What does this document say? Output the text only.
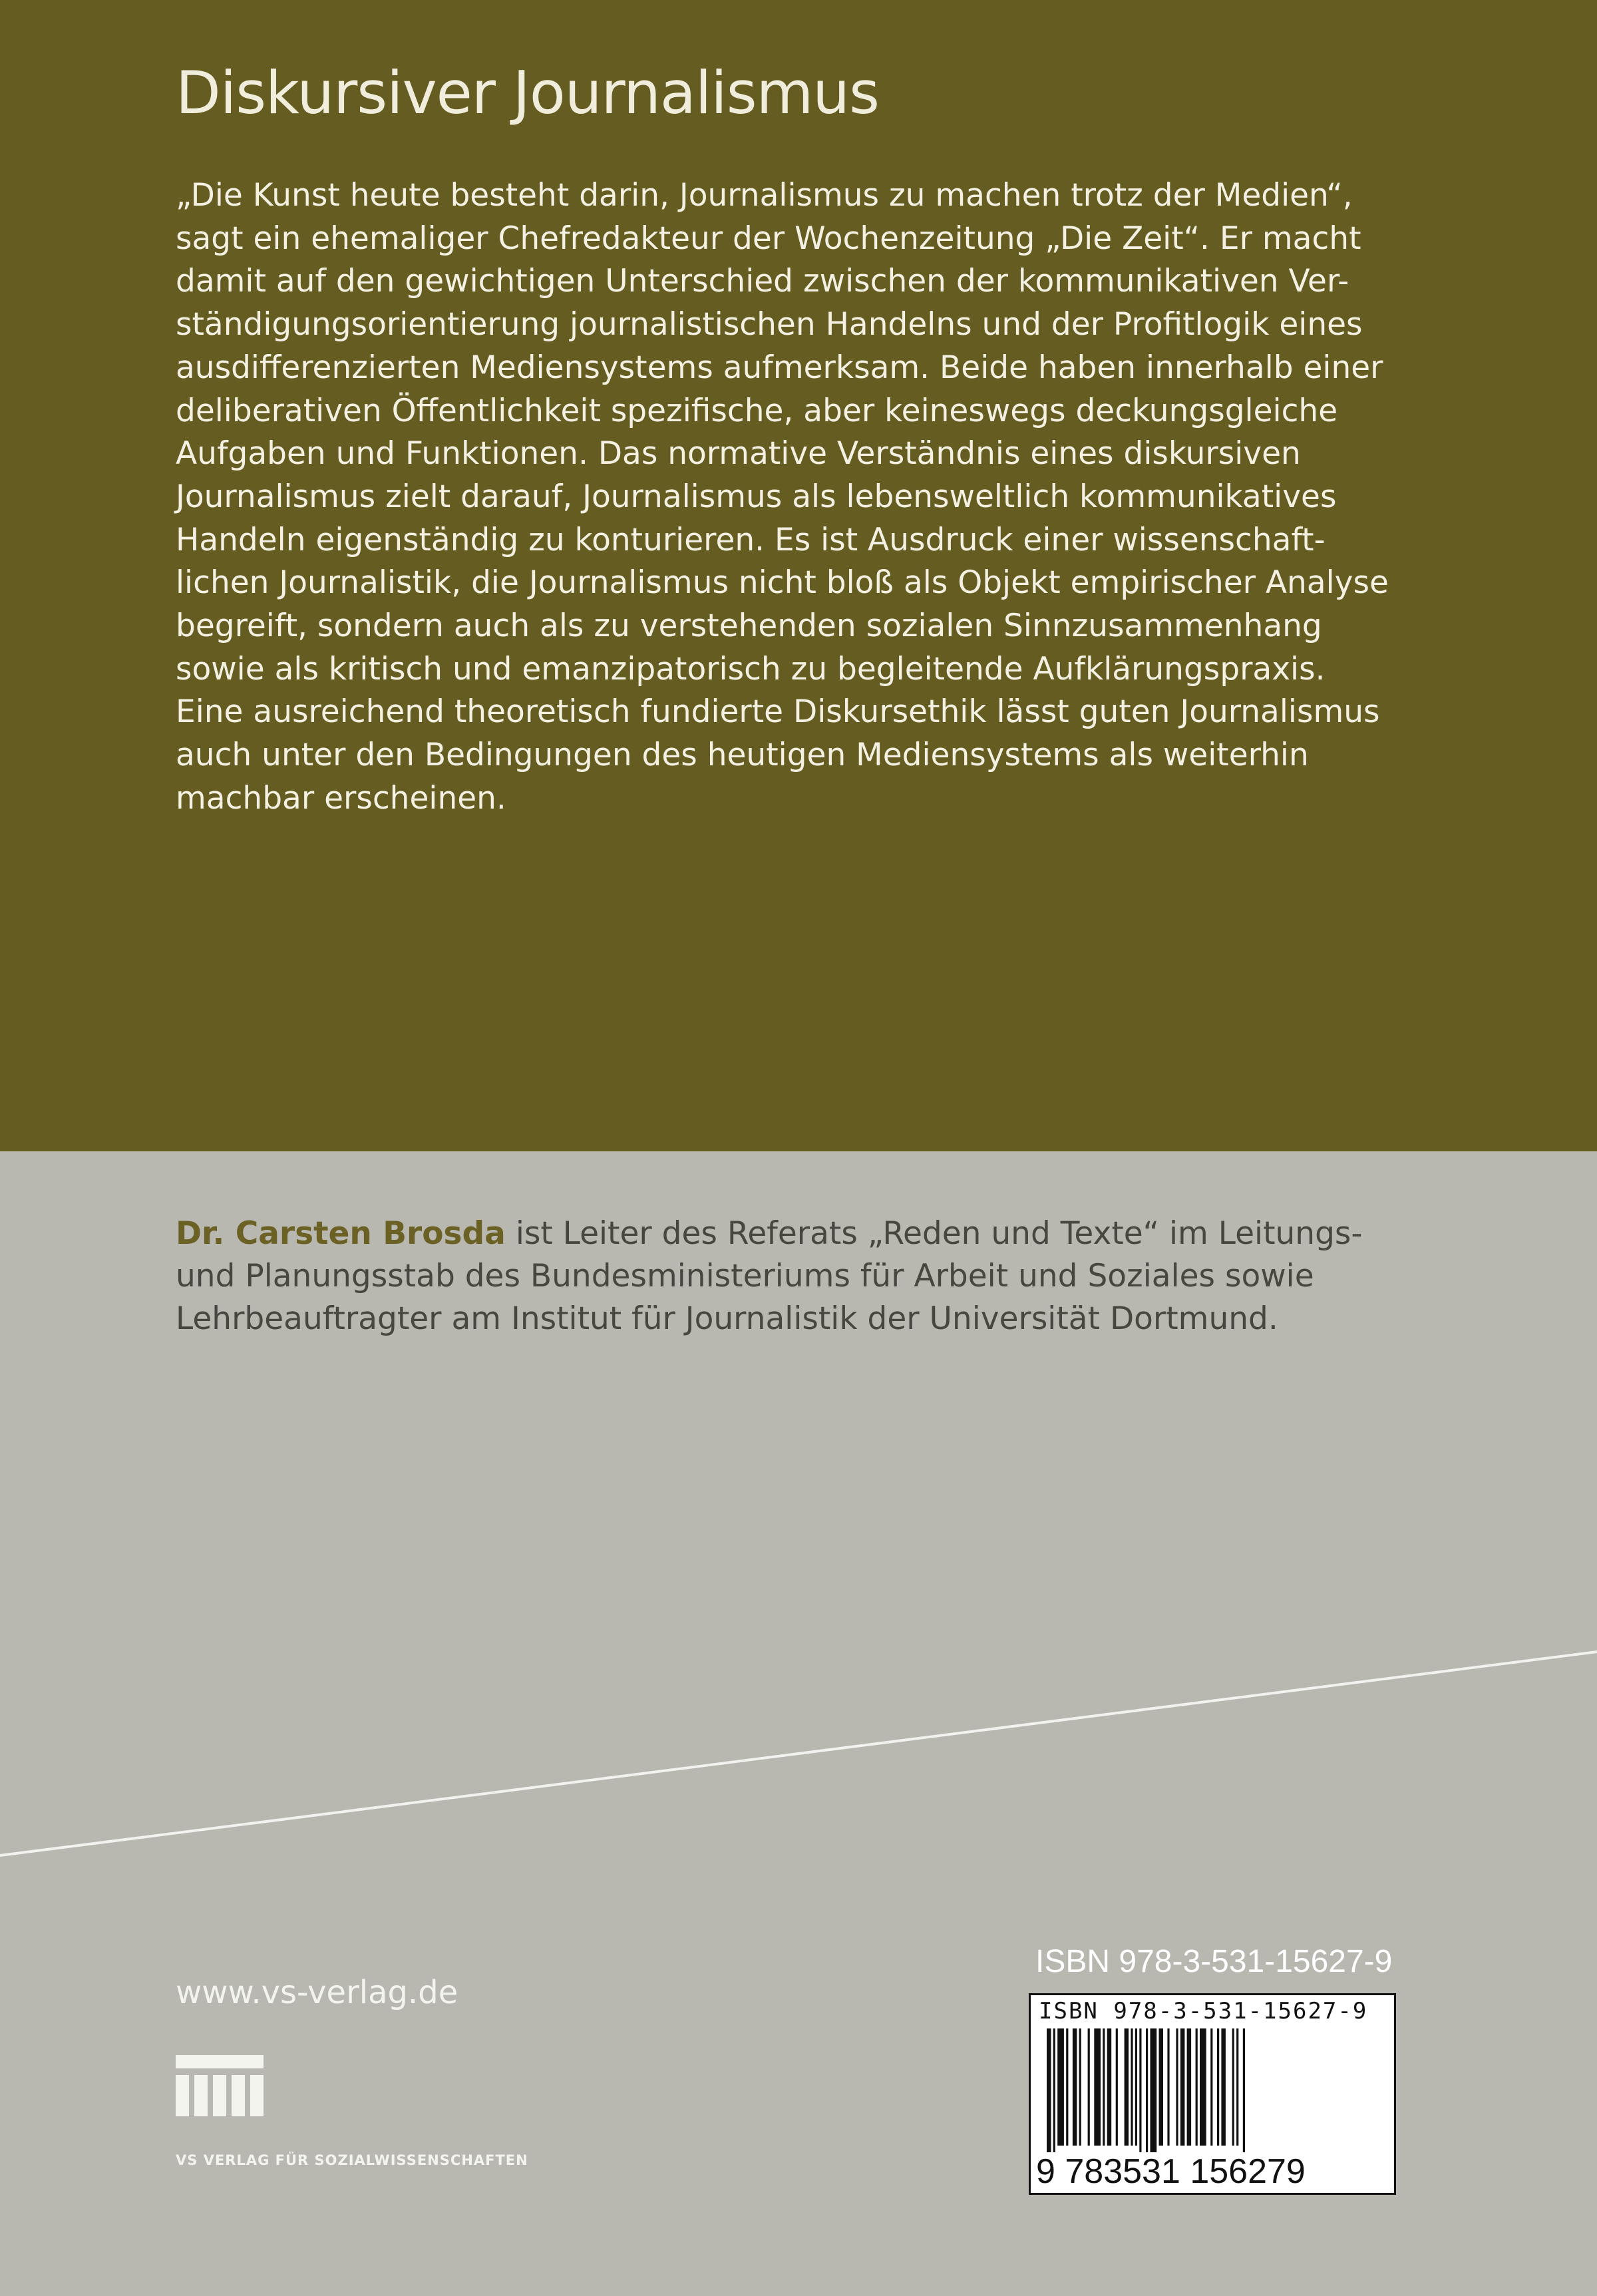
Diskursiver Journalismus
„Die Kunst heute besteht darin, Journalismus zu machen trotz der Medien“,
sagt ein ehemaliger Chefredakteur der Wochenzeitung „Die Zeit“. Er macht
damit auf den gewichtigen Unterschied zwischen der kommunikativen Ver-
ständigungsorientierung journalistischen Handelns und der Profitlogik eines
ausdifferenzierten Mediensystems aufmerksam. Beide haben innerhalb einer
deliberativen Öffentlichkeit spezifische, aber keineswegs deckungsgleiche
Aufgaben und Funktionen. Das normative Verständnis eines diskursiven
Journalismus zielt darauf, Journalismus als lebensweltlich kommunikatives
Handeln eigenständig zu konturieren. Es ist Ausdruck einer wissenschaft-
lichen Journalistik, die Journalismus nicht bloß als Objekt empirischer Analyse
begreift, sondern auch als zu verstehenden sozialen Sinnzusammenhang
sowie als kritisch und emanzipatorisch zu begleitende Aufklärungspraxis.
Eine ausreichend theoretisch fundierte Diskursethik lässt guten Journalismus
auch unter den Bedingungen des heutigen Mediensystems als weiterhin
machbar erscheinen.
Dr. Carsten Brosda ist Leiter des Referats „Reden und Texte“ im Leitungs-
und Planungsstab des Bundesministeriums für Arbeit und Soziales sowie
Lehrbeauftragter am Institut für Journalistik der Universität Dortmund.
www.vs-verlag.de
VS VERLAG FÜR SOZIALWISSENSCHAFTEN
ISBN 978-3-531-15627-9
ISBN 978-3-531-15627-9
9 783531 156279
